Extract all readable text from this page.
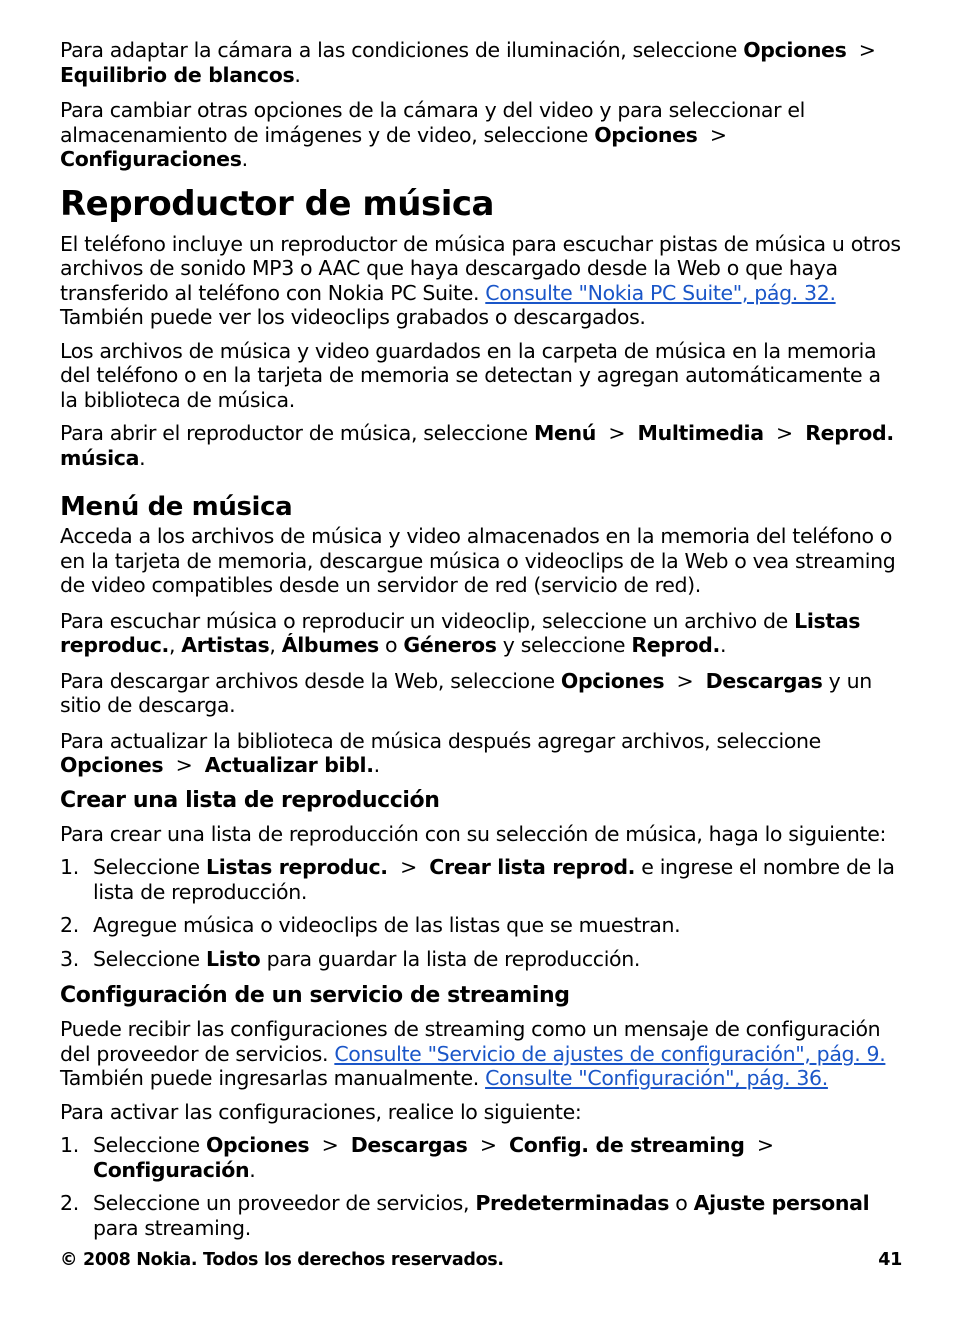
Para adaptar la cámara a las condiciones de iluminación, seleccione Opciones  >  Equilibrio de blancos.

Para cambiar otras opciones de la cámara y del video y para seleccionar el almacenamiento de imágenes y de video, seleccione Opciones  >  Configuraciones.

Reproductor de música

El teléfono incluye un reproductor de música para escuchar pistas de música u otros archivos de sonido MP3 o AAC que haya descargado desde la Web o que haya transferido al teléfono con Nokia PC Suite. Consulte "Nokia PC Suite", pág. 32. También puede ver los videoclips grabados o descargados.

Los archivos de música y video guardados en la carpeta de música en la memoria del teléfono o en la tarjeta de memoria se detectan y agregan automáticamente a la biblioteca de música.

Para abrir el reproductor de música, seleccione Menú  >  Multimedia  >  Reprod. música.

Menú de música

Acceda a los archivos de música y video almacenados en la memoria del teléfono o en la tarjeta de memoria, descargue música o videoclips de la Web o vea streaming de video compatibles desde un servidor de red (servicio de red).

Para escuchar música o reproducir un videoclip, seleccione un archivo de Listas reproduc., Artistas, Álbumes o Géneros y seleccione Reprod..

Para descargar archivos desde la Web, seleccione Opciones  >  Descargas y un sitio de descarga.

Para actualizar la biblioteca de música después agregar archivos, seleccione Opciones  >  Actualizar bibl..

Crear una lista de reproducción

Para crear una lista de reproducción con su selección de música, haga lo siguiente:

1. Seleccione Listas reproduc.  >  Crear lista reprod. e ingrese el nombre de la lista de reproducción.
2. Agregue música o videoclips de las listas que se muestran.
3. Seleccione Listo para guardar la lista de reproducción.
Configuración de un servicio de streaming

Puede recibir las configuraciones de streaming como un mensaje de configuración del proveedor de servicios. Consulte "Servicio de ajustes de configuración", pág. 9. También puede ingresarlas manualmente. Consulte "Configuración", pág. 36.

Para activar las configuraciones, realice lo siguiente:

1. Seleccione Opciones  >  Descargas  >  Config. de streaming  >  Configuración.
2. Seleccione un proveedor de servicios, Predeterminadas o Ajuste personal para streaming.
© 2008 Nokia. Todos los derechos reservados.	41
